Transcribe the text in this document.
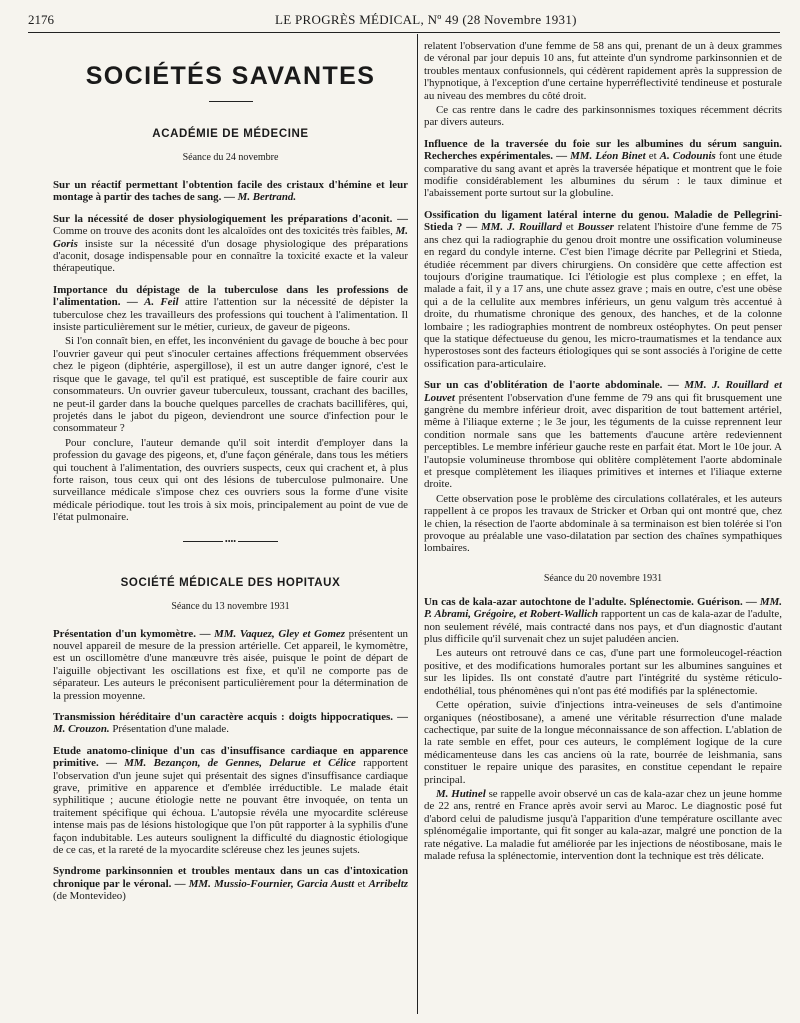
2176	LE PROGRÈS MÉDICAL, Nº 49 (28 Novembre 1931)
SOCIÉTÉS SAVANTES
ACADÉMIE DE MÉDECINE
Séance du 24 novembre

Sur un réactif permettant l'obtention facile des cristaux d'hémine et leur montage à partir des taches de sang. — M. Bertrand.

Sur la nécessité de doser physiologiquement les préparations d'aconit. — Comme on trouve des aconits dont les alcaloïdes ont des toxicités très faibles, M. Goris insiste sur la nécessité d'un dosage physiologique des préparations d'aconit, dosage indispensable pour en connaître la toxicité exacte et la valeur thérapeutique.

Importance du dépistage de la tuberculose dans les professions de l'alimentation. — A. Feil attire l'attention sur la nécessité de dépister la tuberculose chez les travailleurs des professions qui touchent à l'alimentation. Il insiste particulièrement sur le métier, curieux, de gaveur de pigeons.

Si l'on connaît bien, en effet, les inconvénient du gavage de bouche à bec pour l'ouvrier gaveur qui peut s'inoculer certaines affections fréquemment observées chez le pigeon (diphtérie, aspergillose), il est un autre danger ignoré, c'est le risque que le gavage, tel qu'il est pratiqué, est susceptible de faire courir aux consommateurs. Un ouvrier gaveur tuberculeux, toussant, crachant des bacilles, ne peut-il garder dans la bouche quelques parcelles de crachats bacillifères, qui, projetés dans le jabot du pigeon, deviendront une source d'infection pour le consommateur ?

Pour conclure, l'auteur demande qu'il soit interdit d'employer dans la profession du gavage des pigeons, et, d'une façon générale, dans tous les métiers qui touchent à l'alimentation, des ouvriers suspects, ceux qui crachent et, à plus forte raison, tous ceux qui ont des lésions de tuberculose pulmonaire. Une surveillance médicale s'impose chez ces ouvriers sous la forme d'une visite médicale périodique. tout les trois à six mois, principalement au point de vue de l'état pulmonaire.

••••
SOCIÉTÉ MÉDICALE DES HOPITAUX
Séance du 13 novembre 1931

Présentation d'un kymomètre. — MM. Vaquez, Gley et Gomez présentent un nouvel appareil de mesure de la pression artérielle. Cet appareil, le kymomètre, est un oscillomètre d'une manœuvre très aisée, puisque le point de départ de l'aiguille objectivant les oscillations est fixe, et qu'il ne comporte pas de séparateur. Les auteurs le préconisent particulièrement pour la détermination de la pression moyenne.

Transmission héréditaire d'un caractère acquis : doigts hippocratiques. — M. Crouzon. Présentation d'une malade.

Etude anatomo-clinique d'un cas d'insuffisance cardiaque en apparence primitive. — MM. Bezançon, de Gennes, Delarue et Célice rapportent l'observation d'un jeune sujet qui présentait des signes d'insuffisance cardiaque grave, primitive en apparence et d'emblée irréductible. Le malade était syphilitique ; aucune étiologie nette ne pouvant être invoquée, on tenta un traitement spécifique qui échoua. L'autopsie révéla une myocardite scléreuse intense mais pas de lésions histologique que l'on pût rapporter à la syphilis d'une façon indubitable. Les auteurs soulignent la difficulté du diagnostic étiologique de ce cas, et la rareté de la myocardite scléreuse chez les jeunes sujets.

Syndrome parkinsonnien et troubles mentaux dans un cas d'intoxication chronique par le véronal. — MM. Mussio-Fournier, Garcia Austt et Arribeltz (de Montevideo)

relatent l'observation d'une femme de 58 ans qui, prenant de un à deux grammes de véronal par jour depuis 10 ans, fut atteinte d'un syndrome parkinsonnien et de troubles mentaux confusionnels, qui cédèrent rapidement après la suppression de l'hypnotique, à l'exception d'une certaine hyperréflectivité tendineuse et posturale au niveau des membres du côté droit.

Ce cas rentre dans le cadre des parkinsonnismes toxiques récemment décrits par divers auteurs.

Influence de la traversée du foie sur les albumines du sérum sanguin. Recherches expérimentales. — MM. Léon Binet et A. Codounis font une étude comparative du sang avant et après la traversée hépatique et montrent que le foie modifie considérablement les albumines du sérum : le taux diminue et l'abaissement porte surtout sur la globuline.

Ossification du ligament latéral interne du genou. Maladie de Pellegrini-Stieda ? — MM. J. Rouillard et Bousser relatent l'histoire d'une femme de 75 ans chez qui la radiographie du genou droit montre une ossification volumineuse en regard du condyle interne. C'est bien l'image décrite par Pellegrini et Stieda, étudiée récemment par divers chirurgiens. On considère que cette affection est toujours d'origine traumatique. Ici l'étiologie est plus complexe ; en effet, la malade a fait, il y a 17 ans, une chute assez grave ; mais en outre, c'est une obèse qui a de la cellulite aux membres inférieurs, un genu valgum très accentué à droite, du rhumatisme chronique des genoux, des hanches, et de la colonne lombaire ; les radiographies montrent de nombreux ostéophytes. On peut penser que la statique défectueuse du genou, les micro-traumatismes et la tendance aux hyperostoses sont des facteurs étiologiques qui se sont associés à l'origine de cette ossification para-articulaire.

Sur un cas d'oblitération de l'aorte abdominale. — MM. J. Rouillard et Louvet présentent l'observation d'une femme de 79 ans qui fit brusquement une gangrène du membre inférieur droit, avec disparition de tout battement artériel, même à l'iliaque externe ; le 3e jour, les téguments de la cuisse reprennent leur condition normale sans que les battements d'aucune artère redeviennent perceptibles. Le membre inférieur gauche reste en parfait état. Mort le 10e jour. A l'autopsie volumineuse thrombose qui oblitère complètement l'aorte abdominale et presque complètement les iliaques primitives et internes et l'iliaque externe droite.

Cette observation pose le problème des circulations collatérales, et les auteurs rappellent à ce propos les travaux de Stricker et Orban qui ont montré que, chez le chien, la résection de l'aorte abdominale à sa terminaison est bien tolérée si l'on provoque au préalable une vaso-dilatation par section des chaînes sympathiques lombaires.

Séance du 20 novembre 1931

Un cas de kala-azar autochtone de l'adulte. Splénectomie. Guérison. — MM. P. Abrami, Grégoire, et Robert-Wallich rapportent un cas de kala-azar de l'adulte, non seulement révélé, mais contracté dans nos pays, et d'un diagnostic d'autant plus difficile qu'il survenait chez un sujet paludéen ancien.

Les auteurs ont retrouvé dans ce cas, d'une part une formoleucogel-réaction positive, et des modifications humorales portant sur les albumines sanguines et sur les lipides. Ils ont constaté d'autre part l'intégrité du système réticulo-endothélial, tous phénomènes qui n'ont pas été modifiés par la splénectomie.

Cette opération, suivie d'injections intra-veineuses de sels d'antimoine organiques (néostibosane), a amené une véritable résurrection d'une malade cachectique, par suite de la longue méconnaissance de son affection. L'ablation de la rate semble en effet, pour ces auteurs, le complément logique de la cure médicamenteuse dans les cas anciens où la rate, bourrée de leishmania, sans constituer le repaire unique des parasites, en constitue cependant le repaire principal.

M. Hutinel se rappelle avoir observé un cas de kala-azar chez un jeune homme de 22 ans, rentré en France après avoir servi au Maroc. Le diagnostic posé fut d'abord celui de paludisme jusqu'à l'apparition d'une température oscillante avec splénomégalie importante, qui fit songer au kala-azar, malgré une ponction de la rate négative. La maladie fut améliorée par les injections de néostibosane, mais le malade refusa la splénectomie, intervention dont la technique est très délicate.
